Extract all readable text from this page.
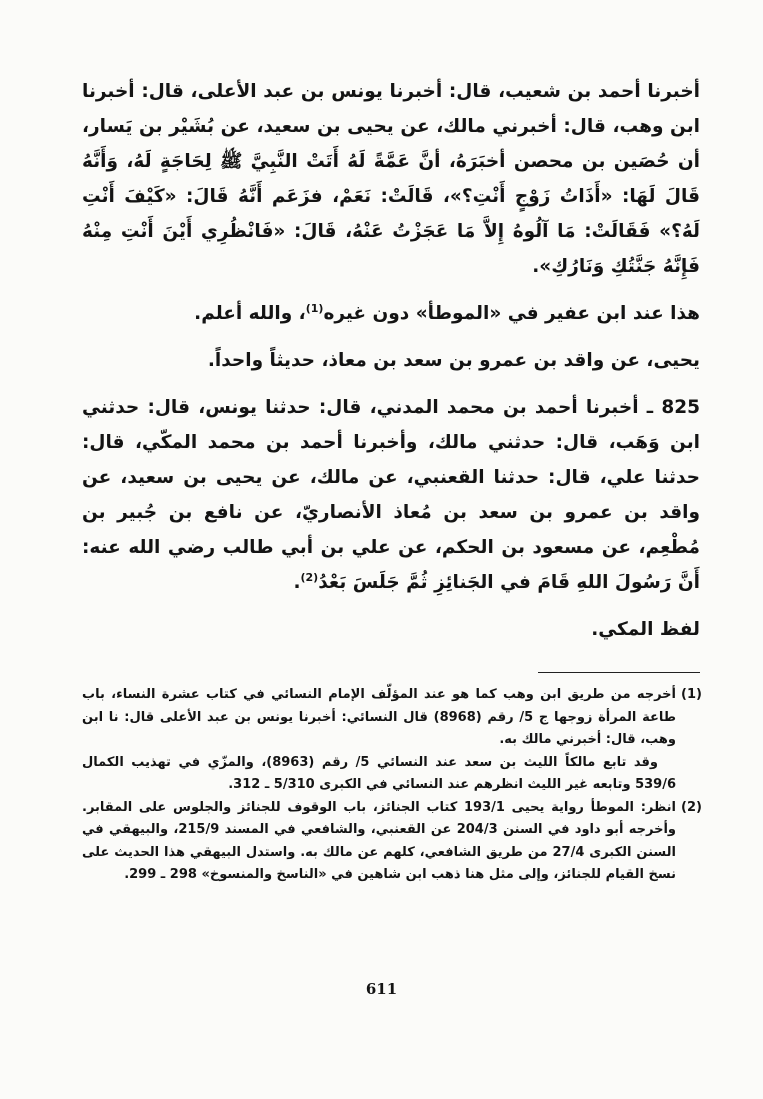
أخبرنا أحمد بن شعيب، قال: أخبرنا يونس بن عبد الأعلى، قال: أخبرنا ابن وهب، قال: أخبرني مالك، عن يحيى بن سعيد، عن بُشَيْر بن يَسار، أن حُصَين بن محصن أخبَرَهُ، أنَّ عَمَّةً لَهُ أَتَتْ النَّبِيَّ ﷺ لِحَاجَةٍ لَهُ، وَأَنَّهُ قَالَ لَهَا: «أَذَاتُ زَوْجٍ أَنْتِ؟»، قَالَتْ: نَعَمْ، فزَعَم أَنَّهُ قَالَ: «كَيْفَ أَنْتِ لَهُ؟» فَقَالَتْ: مَا آلُوهُ إِلاَّ مَا عَجَزْتُ عَنْهُ، قَالَ: «فَانْظُرِي أَيْنَ أَنْتِ مِنْهُ فَإِنَّهُ جَنَّتُكِ وَنَارُكِ».

هذا عند ابن عفير في «الموطأ» دون غيره$^{(1)}$، والله أعلم.

يحيى، عن واقد بن عمرو بن سعد بن معاذ، حديثاً واحداً.

825 ـ أخبرنا أحمد بن محمد المدني، قال: حدثنا يونس، قال: حدثني ابن وَهَب، قال: حدثني مالك، وأخبرنا أحمد بن محمد المكّي، قال: حدثنا علي، قال: حدثنا القعنبي، عن مالك، عن يحيى بن سعيد، عن واقد بن عمرو بن سعد بن مُعاذ الأنصاريّ، عن نافع بن جُبير بن مُطْعِم، عن مسعود بن الحكم، عن علي بن أبي طالب رضي الله عنه: أَنَّ رَسُولَ اللهِ قَامَ في الجَنائِزِ ثُمَّ جَلَسَ بَعْدُ$^{(2)}$.

لفظ المكي.

(1)

أخرجه من طريق ابن وهب كما هو عند المؤلّف الإمام النسائي في كتاب عشرة النساء، باب طاعة المرأة زوجها ج 5/ رقم (8968) قال النسائي: أخبرنا يونس بن عبد الأعلى قال: نا ابن وهب، قال: أخبرني مالك به.

وقد تابع مالكاً الليث بن سعد عند النسائي 5/ رقم (8963)، والمزّي في تهذيب الكمال 539/6 وتابعه غير الليث انظرهم عند النسائي في الكبرى 5/310 ـ 312.

(2)

انظر: الموطأ رواية يحيى 193/1 كتاب الجنائز، باب الوقوف للجنائز والجلوس على المقابر. وأخرجه أبو داود في السنن 204/3 عن القعنبي، والشافعي في المسند 215/9، والبيهقي في السنن الكبرى 27/4 من طريق الشافعي، كلهم عن مالك به. واستدل البيهقي هذا الحديث على نسخ القيام للجنائز، وإلى مثل هنا ذهب ابن شاهين في «الناسخ والمنسوخ» 298 ـ 299.

611
